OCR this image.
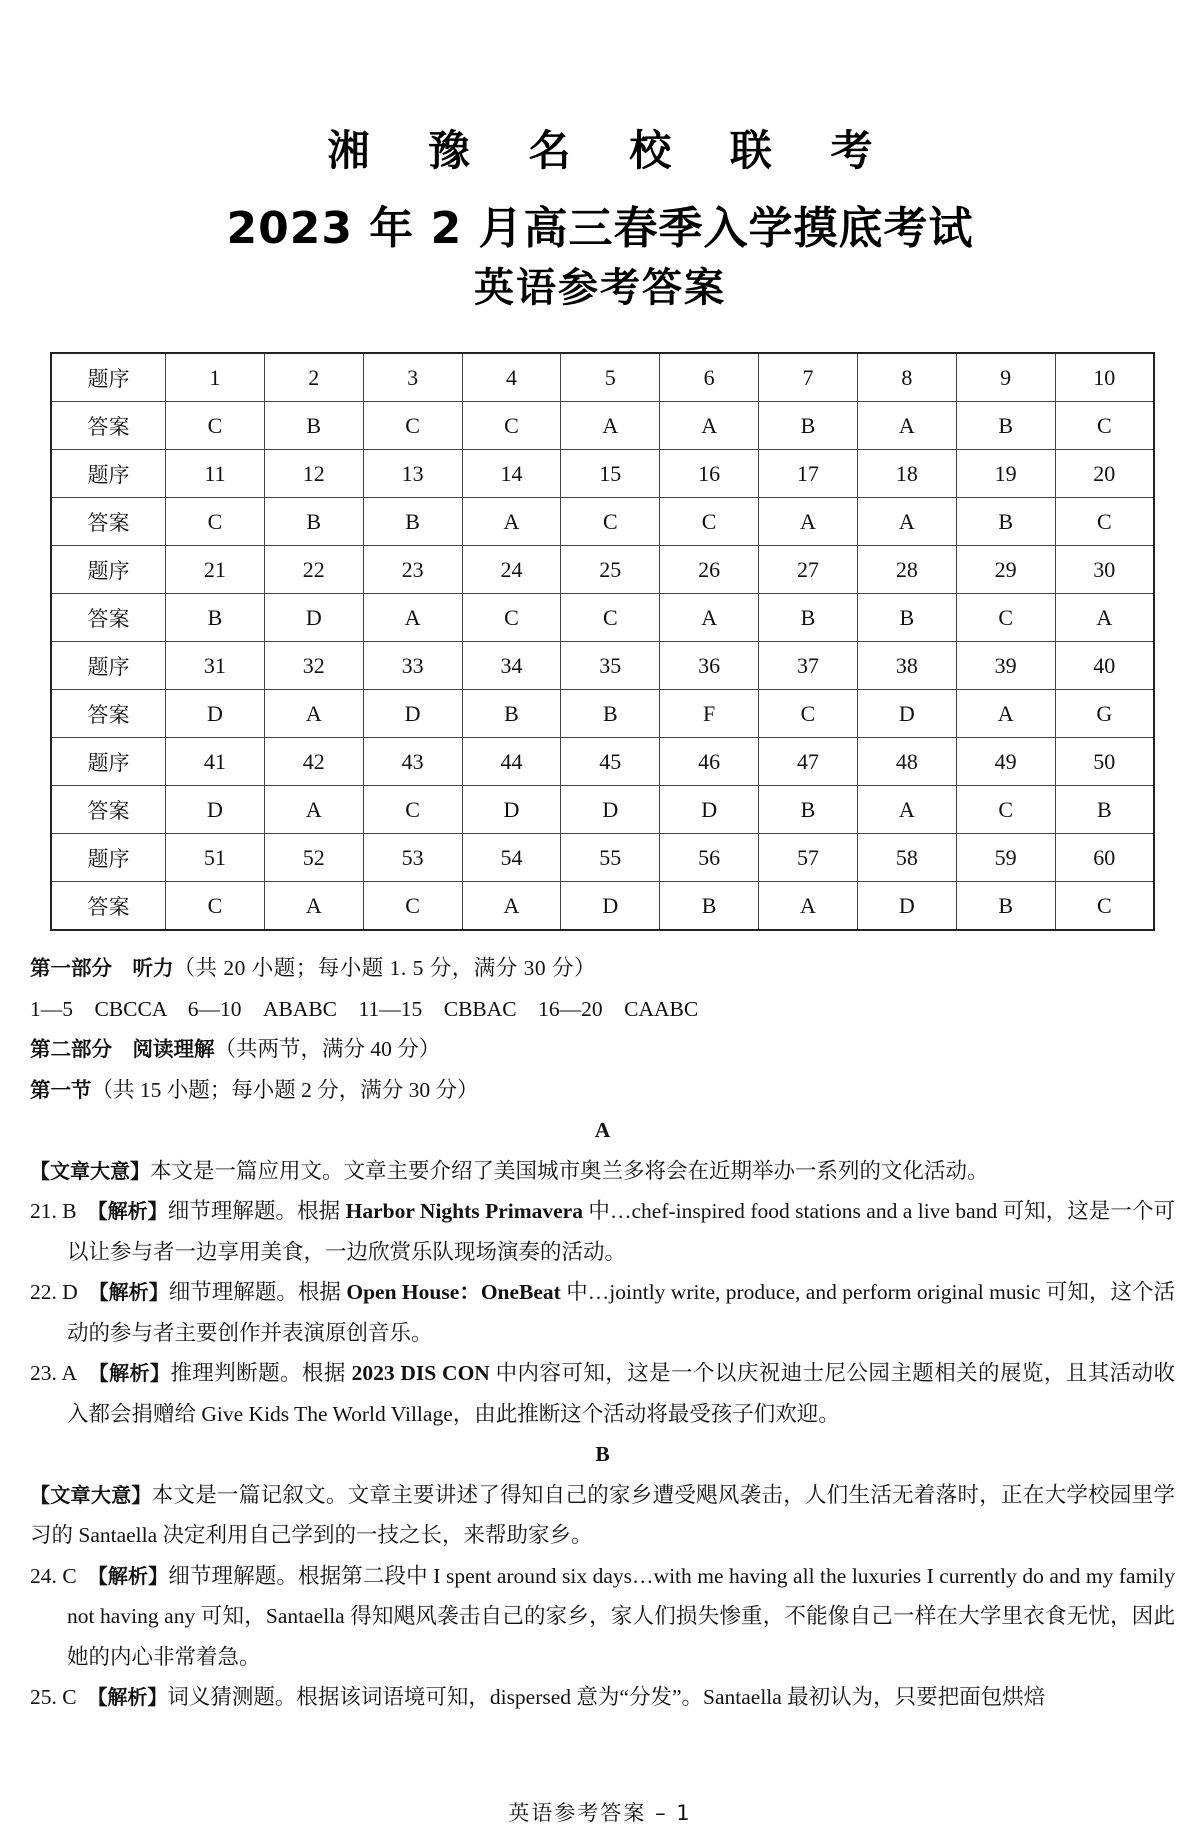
湘 豫 名 校 联 考
2023 年 2 月高三春季入学摸底考试
英语参考答案
题序	1	2	3	4	5	6	7	8	9	10
答案	C	B	C	C	A	A	B	A	B	C
题序	11	12	13	14	15	16	17	18	19	20
答案	C	B	B	A	C	C	A	A	B	C
题序	21	22	23	24	25	26	27	28	29	30
答案	B	D	A	C	C	A	B	B	C	A
题序	31	32	33	34	35	36	37	38	39	40
答案	D	A	D	B	B	F	C	D	A	G
题序	41	42	43	44	45	46	47	48	49	50
答案	D	A	C	D	D	D	B	A	C	B
题序	51	52	53	54	55	56	57	58	59	60
答案	C	A	C	A	D	B	A	D	B	C

第一部分　听力（共 20 小题；每小题 1. 5 分，满分 30 分）

1—5　CBCCA　6—10　ABABC　11—15　CBBAC　16—20　CAABC

第二部分　阅读理解（共两节，满分 40 分）

第一节（共 15 小题；每小题 2 分，满分 30 分）

A

【文章大意】本文是一篇应用文。文章主要介绍了美国城市奥兰多将会在近期举办一系列的文化活动。

21. B 【解析】细节理解题。根据 Harbor Nights Primavera 中…chef-inspired food stations and a live band 可知，这是一个可以让参与者一边享用美食，一边欣赏乐队现场演奏的活动。

22. D 【解析】细节理解题。根据 Open House：OneBeat 中…jointly write, produce, and perform original music 可知，这个活动的参与者主要创作并表演原创音乐。

23. A 【解析】推理判断题。根据 2023 DIS CON 中内容可知，这是一个以庆祝迪士尼公园主题相关的展览，且其活动收入都会捐赠给 Give Kids The World Village，由此推断这个活动将最受孩子们欢迎。

B

【文章大意】本文是一篇记叙文。文章主要讲述了得知自己的家乡遭受飓风袭击，人们生活无着落时，正在大学校园里学习的 Santaella 决定利用自己学到的一技之长，来帮助家乡。

24. C 【解析】细节理解题。根据第二段中 I spent around six days…with me having all the luxuries I currently do and my family not having any 可知，Santaella 得知飓风袭击自己的家乡，家人们损失惨重，不能像自己一样在大学里衣食无忧，因此她的内心非常着急。

25. C 【解析】词义猜测题。根据该词语境可知，dispersed 意为“分发”。Santaella 最初认为，只要把面包烘焙

英语参考答案 – 1
